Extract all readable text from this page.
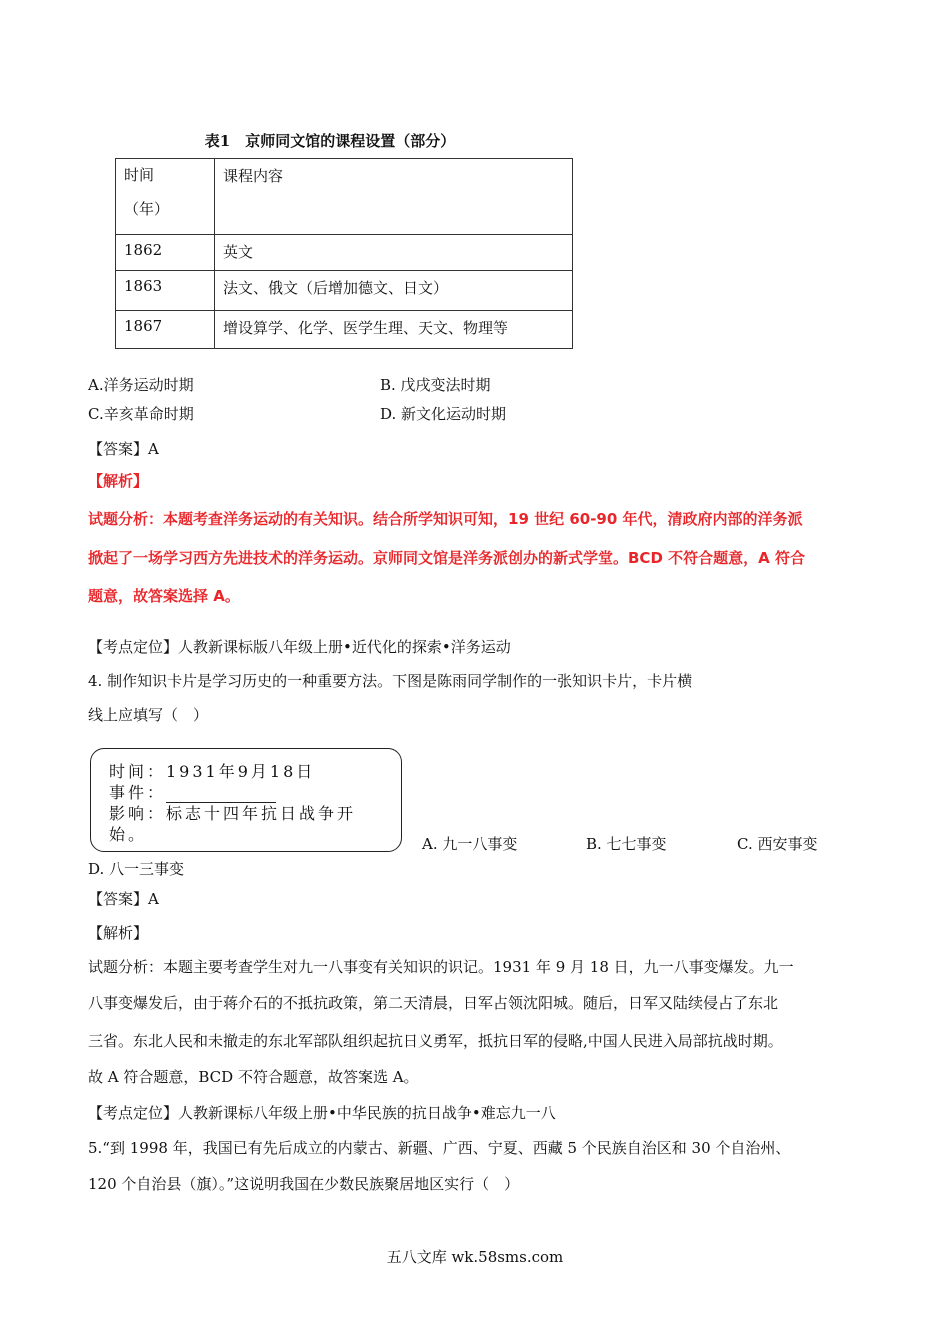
表1　京师同文馆的课程设置（部分）
时间
（年）	课程内容
1862	英文
1863	法文、俄文（后增加德文、日文）
1867	增设算学、化学、医学生理、天文、物理等
A.洋务运动时期	B. 戊戌变法时期
C.辛亥革命时期	D. 新文化运动时期
【答案】A
【解析】
试题分析：本题考查洋务运动的有关知识。结合所学知识可知，19 世纪 60-90 年代，清政府内部的洋务派
掀起了一场学习西方先进技术的洋务运动。京师同文馆是洋务派创办的新式学堂。BCD 不符合题意，A 符合
题意，故答案选择 A。
【考点定位】人教新课标版八年级上册•近代化的探索•洋务运动
4. 制作知识卡片是学习历史的一种重要方法。下图是陈雨同学制作的一张知识卡片，卡片横
线上应填写（　）
时间：1931年9月18日
事件：
影响：标志十四年抗日战争开
始。	A. 九一八事变	B. 七七事变	C. 西安事变
D. 八一三事变
【答案】A
【解析】
试题分析：本题主要考查学生对九一八事变有关知识的识记。1931 年 9 月 18 日，九一八事变爆发。九一
八事变爆发后，由于蒋介石的不抵抗政策，第二天清晨，日军占领沈阳城。随后，日军又陆续侵占了东北
三省。东北人民和未撤走的东北军部队组织起抗日义勇军，抵抗日军的侵略,中国人民进入局部抗战时期。
故 A 符合题意，BCD 不符合题意，故答案选 A。
【考点定位】人教新课标八年级上册•中华民族的抗日战争•难忘九一八
5.“到 1998 年，我国已有先后成立的内蒙古、新疆、广西、宁夏、西藏 5 个民族自治区和 30 个自治州、
120 个自治县（旗）。”这说明我国在少数民族聚居地区实行（　）
五八文库 wk.58sms.com
